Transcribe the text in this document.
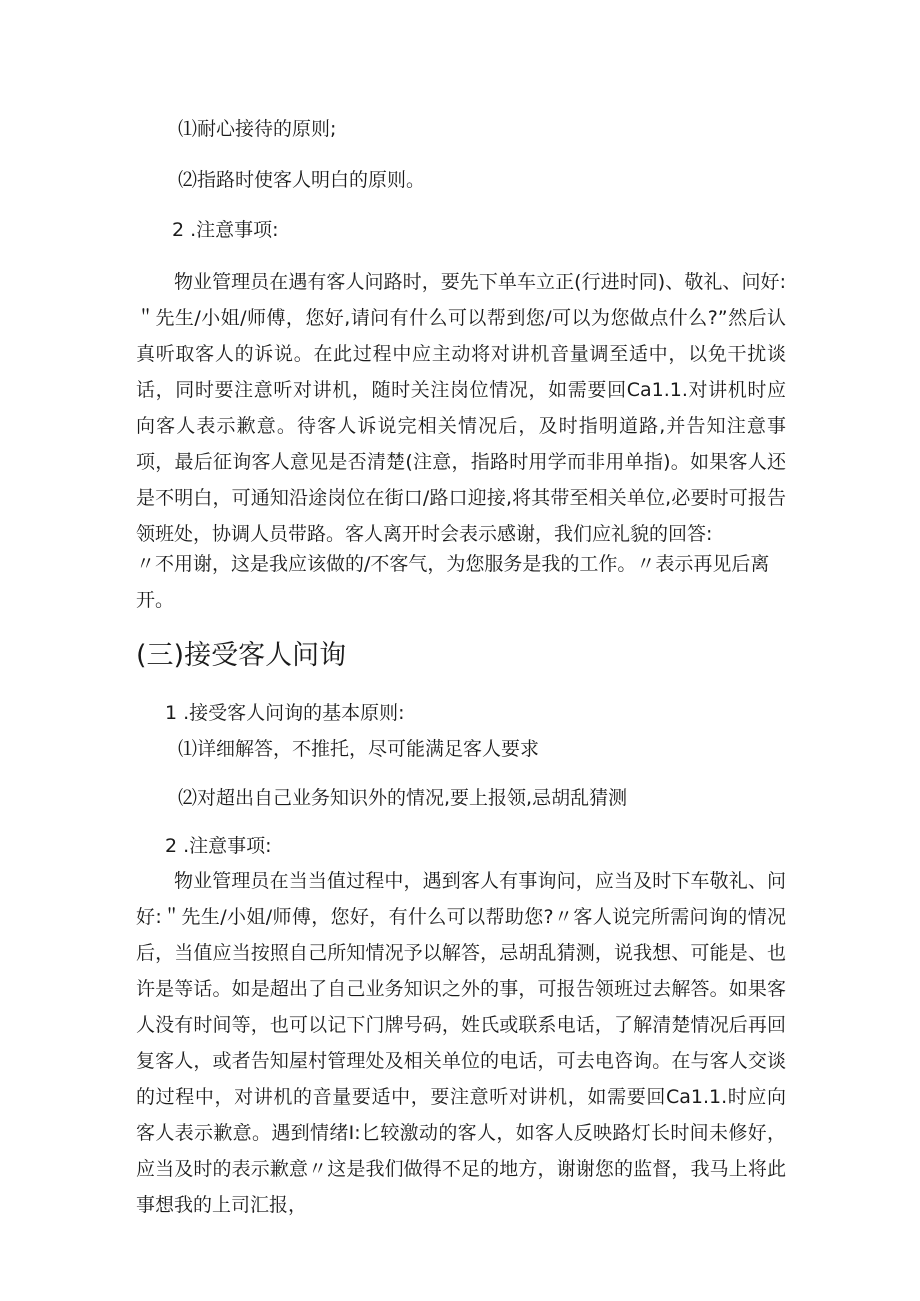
⑴耐心接待的原则;

⑵指路时使客人明白的原则。

2 .注意事项:

物业管理员在遇有客人问路时，要先下单车立正(行进时同)、敬礼、问好:＂先生/小姐/师傅，您好,请问有什么可以帮到您/可以为您做点什么?”然后认真听取客人的诉说。在此过程中应主动将对讲机音量调至适中，以免干扰谈话，同时要注意听对讲机，随时关注岗位情况，如需要回Ca1.1.对讲机时应向客人表示歉意。待客人诉说完相关情况后，及时指明道路,并告知注意事项，最后征询客人意见是否清楚(注意，指路时用学而非用单指)。如果客人还是不明白，可通知沿途岗位在街口/路口迎接,将其带至相关单位,必要时可报告领班处，协调人员带路。客人离开时会表示感谢，我们应礼貌的回答:

〃不用谢，这是我应该做的/不客气，为您服务是我的工作。〃表示再见后离

开。

(三)接受客人问询

1 .接受客人问询的基本原则:

⑴详细解答，不推托，尽可能满足客人要求

⑵对超出自己业务知识外的情况,要上报领,忌胡乱猜测

2 .注意事项:

物业管理员在当当值过程中，遇到客人有事询问，应当及时下车敬礼、问好:＂先生/小姐/师傅，您好，有什么可以帮助您?〃客人说完所需问询的情况后，当值应当按照自己所知情况予以解答，忌胡乱猜测，说我想、可能是、也许是等话。如是超出了自己业务知识之外的事，可报告领班过去解答。如果客人没有时间等，也可以记下门牌号码，姓氏或联系电话，了解清楚情况后再回复客人，或者告知屋村管理处及相关单位的电话，可去电咨询。在与客人交谈的过程中，对讲机的音量要适中，要注意听对讲机，如需要回Ca1.1.时应向客人表示歉意。遇到情绪I:匕较激动的客人，如客人反映路灯长时间未修好，应当及时的表示歉意〃这是我们做得不足的地方，谢谢您的监督，我马上将此事想我的上司汇报，
